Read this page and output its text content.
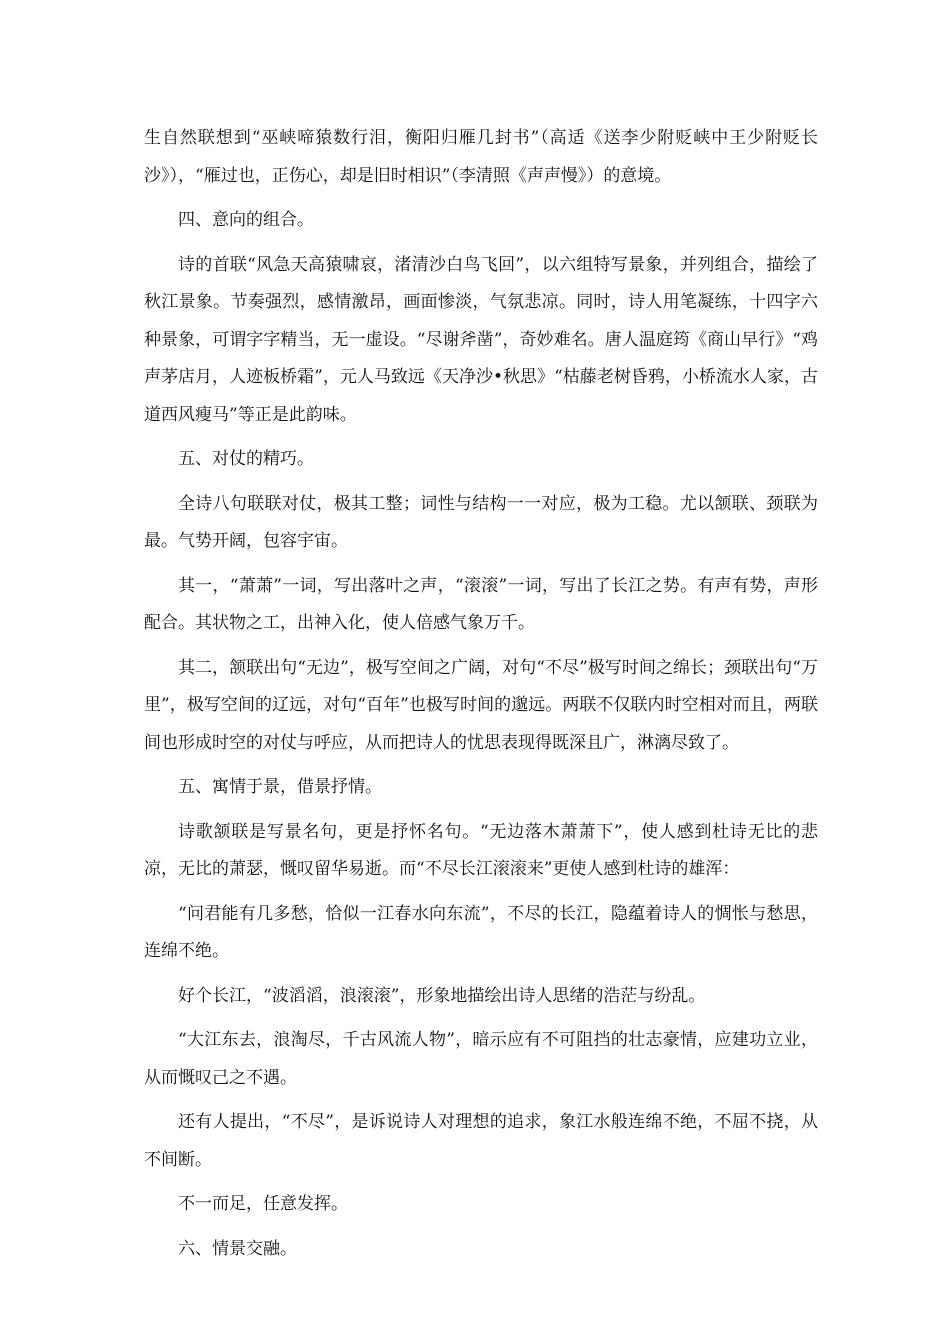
生自然联想到“巫峡啼猿数行泪，衡阳归雁几封书”（高适《送李少附贬峡中王少附贬长沙》），“雁过也，正伤心，却是旧时相识”（李清照《声声慢》）的意境。

四、意向的组合。

诗的首联“风急天高猿啸哀，渚清沙白鸟飞回”，以六组特写景象，并列组合，描绘了秋江景象。节奏强烈，感情激昂，画面惨淡，气氛悲凉。同时，诗人用笔凝练，十四字六种景象，可谓字字精当，无一虚设。“尽谢斧凿”，奇妙难名。唐人温庭筠《商山早行》“鸡声茅店月，人迹板桥霜”，元人马致远《天净沙•秋思》“枯藤老树昏鸦，小桥流水人家，古道西风瘦马”等正是此韵味。

五、对仗的精巧。

全诗八句联联对仗，极其工整；词性与结构一一对应，极为工稳。尤以颔联、颈联为最。气势开阔，包容宇宙。

其一，“萧萧”一词，写出落叶之声，“滚滚”一词，写出了长江之势。有声有势，声形配合。其状物之工，出神入化，使人倍感气象万千。

其二，颔联出句“无边”，极写空间之广阔，对句“不尽”极写时间之绵长；颈联出句“万里”，极写空间的辽远，对句“百年”也极写时间的邈远。两联不仅联内时空相对而且，两联间也形成时空的对仗与呼应，从而把诗人的忧思表现得既深且广，淋漓尽致了。

五、寓情于景，借景抒情。

诗歌颔联是写景名句，更是抒怀名句。“无边落木萧萧下”，使人感到杜诗无比的悲凉，无比的萧瑟，慨叹留华易逝。而“不尽长江滚滚来”更使人感到杜诗的雄浑：

“问君能有几多愁，恰似一江春水向东流”，不尽的长江，隐蕴着诗人的惆怅与愁思，连绵不绝。

好个长江，“波滔滔，浪滚滚”，形象地描绘出诗人思绪的浩茫与纷乱。

“大江东去，浪淘尽，千古风流人物”，暗示应有不可阻挡的壮志豪情，应建功立业，从而慨叹己之不遇。

还有人提出，“不尽”，是诉说诗人对理想的追求，象江水般连绵不绝，不屈不挠，从不间断。

不一而足，任意发挥。

六、情景交融。
